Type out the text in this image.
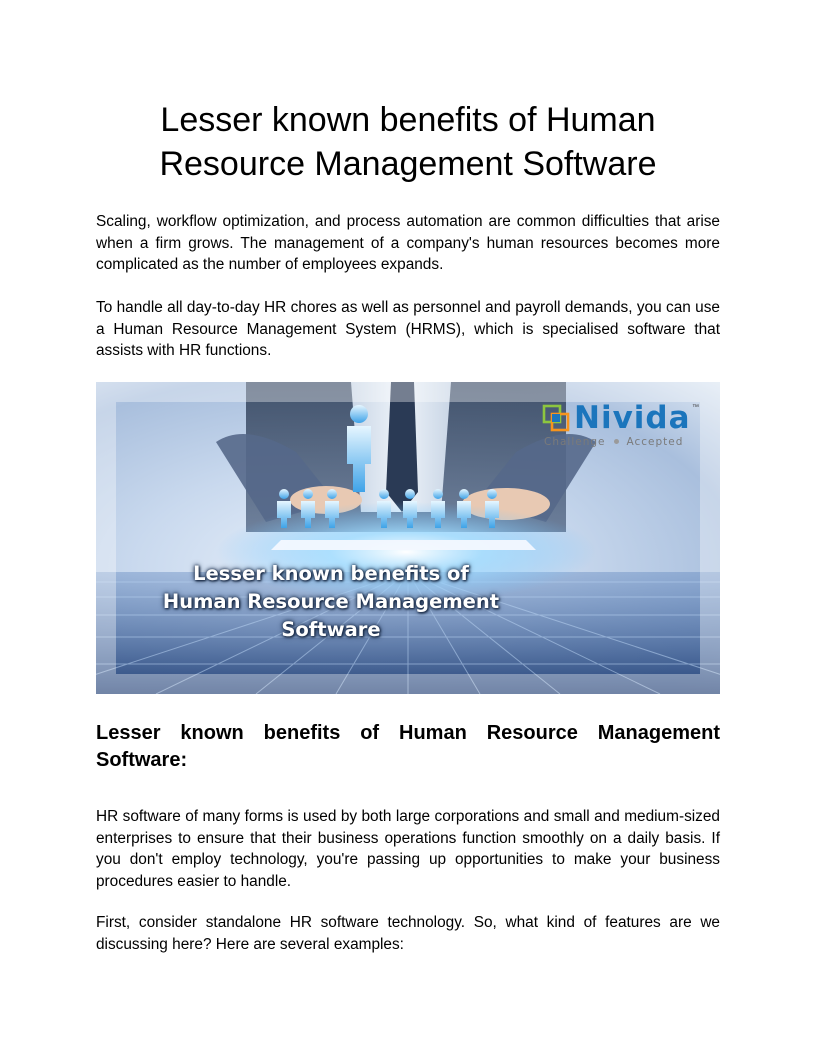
Lesser known benefits of Human Resource Management Software

Scaling, workflow optimization, and process automation are common difficulties that arise when a firm grows. The management of a company's human resources becomes more complicated as the number of employees expands.

To handle all day-to-day HR chores as well as personnel and payroll demands, you can use a Human Resource Management System (HRMS), which is specialised software that assists with HR functions.

Lesser known benefits of
Human Resource Management
Software
Nivida ™
Challenge Accepted
Lesser known benefits of Human Resource Management Software:

HR software of many forms is used by both large corporations and small and medium-sized enterprises to ensure that their business operations function smoothly on a daily basis. If you don't employ technology, you're passing up opportunities to make your business procedures easier to handle.

First, consider standalone HR software technology. So, what kind of features are we discussing here? Here are several examples:
